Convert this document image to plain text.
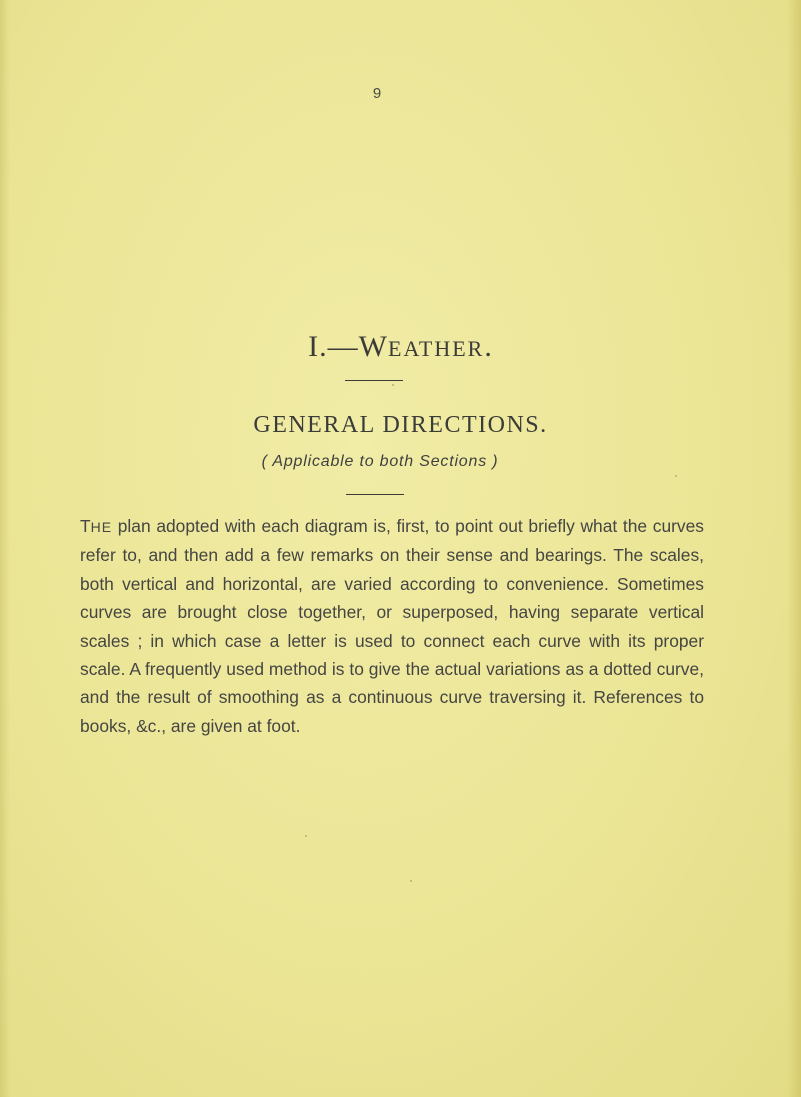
9
I.—WEATHER.
GENERAL DIRECTIONS.
( Applicable to both Sections )
THE plan adopted with each diagram is, first, to point out briefly what the curves refer to, and then add a few remarks on their sense and bearings. The scales, both vertical and horizontal, are varied according to convenience. Sometimes curves are brought close together, or superposed, having separate vertical scales ; in which case a letter is used to connect each curve with its proper scale. A frequently used method is to give the actual variations as a dotted curve, and the result of smoothing as a continuous curve traversing it. References to books, &c., are given at foot.
